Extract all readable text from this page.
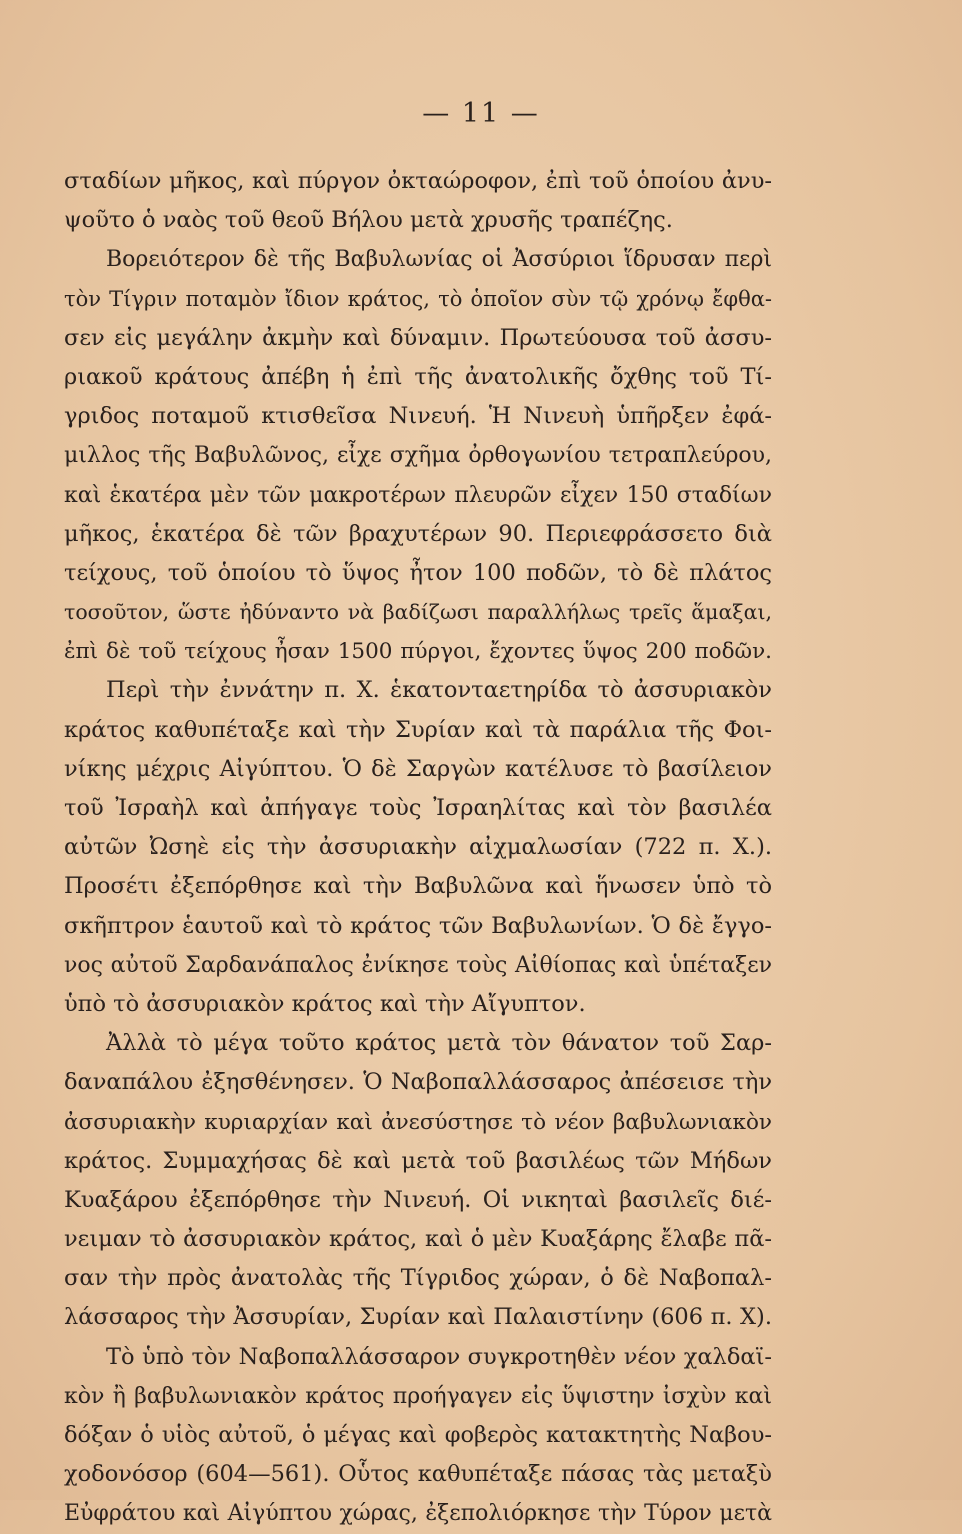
— 11 —
σταδίων μῆκος, καὶ πύργον ὀκταώροφον, ἐπὶ τοῦ ὁποίου ἀνυ-
ψοῦτο ὁ ναὸς τοῦ θεοῦ Βήλου μετὰ χρυσῆς τραπέζης.
Βορειότερον δὲ τῆς Βαβυλωνίας οἱ Ἀσσύριοι ἵδρυσαν περὶ
τὸν Τίγριν ποταμὸν ἴδιον κράτος, τὸ ὁποῖον σὺν τῷ χρόνῳ ἔφθα-
σεν εἰς μεγάλην ἀκμὴν καὶ δύναμιν. Πρωτεύουσα τοῦ ἀσσυ-
ριακοῦ κράτους ἀπέβη ἡ ἐπὶ τῆς ἀνατολικῆς ὄχθης τοῦ Τί-
γριδος ποταμοῦ κτισθεῖσα Νινευή. Ἡ Νινευὴ ὑπῆρξεν ἐφά-
μιλλος τῆς Βαβυλῶνος, εἶχε σχῆμα ὀρθογωνίου τετραπλεύρου,
καὶ ἑκατέρα μὲν τῶν μακροτέρων πλευρῶν εἶχεν 150 σταδίων
μῆκος, ἑκατέρα δὲ τῶν βραχυτέρων 90. Περιεφράσσετο διὰ
τείχους, τοῦ ὁποίου τὸ ὕψος ἦτον 100 ποδῶν, τὸ δὲ πλάτος
τοσοῦτον, ὥστε ἠδύναντο νὰ βαδίζωσι παραλλήλως τρεῖς ἅμαξαι,
ἐπὶ δὲ τοῦ τείχους ἦσαν 1500 πύργοι, ἔχοντες ὕψος 200 ποδῶν.
Περὶ τὴν ἐννάτην π. Χ. ἑκατονταετηρίδα τὸ ἀσσυριακὸν
κράτος καθυπέταξε καὶ τὴν Συρίαν καὶ τὰ παράλια τῆς Φοι-
νίκης μέχρις Αἰγύπτου. Ὁ δὲ Σαργὼν κατέλυσε τὸ βασίλειον
τοῦ Ἰσραὴλ καὶ ἀπήγαγε τοὺς Ἰσραηλίτας καὶ τὸν βασιλέα
αὐτῶν Ὠσηὲ εἰς τὴν ἀσσυριακὴν αἰχμαλωσίαν (722 π. Χ.).
Προσέτι ἐξεπόρθησε καὶ τὴν Βαβυλῶνα καὶ ἥνωσεν ὑπὸ τὸ
σκῆπτρον ἑαυτοῦ καὶ τὸ κράτος τῶν Βαβυλωνίων. Ὁ δὲ ἔγγο-
νος αὐτοῦ Σαρδανάπαλος ἐνίκησε τοὺς Αἰθίοπας καὶ ὑπέταξεν
ὑπὸ τὸ ἀσσυριακὸν κράτος καὶ τὴν Αἴγυπτον.
Ἀλλὰ τὸ μέγα τοῦτο κράτος μετὰ τὸν θάνατον τοῦ Σαρ-
δαναπάλου ἐξησθένησεν. Ὁ Ναβοπαλλάσσαρος ἀπέσεισε τὴν
ἀσσυριακὴν κυριαρχίαν καὶ ἀνεσύστησε τὸ νέον βαβυλωνιακὸν
κράτος. Συμμαχήσας δὲ καὶ μετὰ τοῦ βασιλέως τῶν Μήδων
Κυαξάρου ἐξεπόρθησε τὴν Νινευή. Οἱ νικηταὶ βασιλεῖς διέ-
νειμαν τὸ ἀσσυριακὸν κράτος, καὶ ὁ μὲν Κυαξάρης ἔλαβε πᾶ-
σαν τὴν πρὸς ἀνατολὰς τῆς Τίγριδος χώραν, ὁ δὲ Ναβοπαλ-
λάσσαρος τὴν Ἀσσυρίαν, Συρίαν καὶ Παλαιστίνην (606 π. Χ).
Τὸ ὑπὸ τὸν Ναβοπαλλάσσαρον συγκροτηθὲν νέον χαλδαϊ-
κὸν ἢ βαβυλωνιακὸν κράτος προήγαγεν εἰς ὕψιστην ἰσχὺν καὶ
δόξαν ὁ υἱὸς αὐτοῦ, ὁ μέγας καὶ φοβερὸς κατακτητὴς Ναβου-
χοδονόσορ (604—561). Οὗτος καθυπέταξε πάσας τὰς μεταξὺ
Εὐφράτου καὶ Αἰγύπτου χώρας, ἐξεπολιόρκησε τὴν Τύρον μετὰ
